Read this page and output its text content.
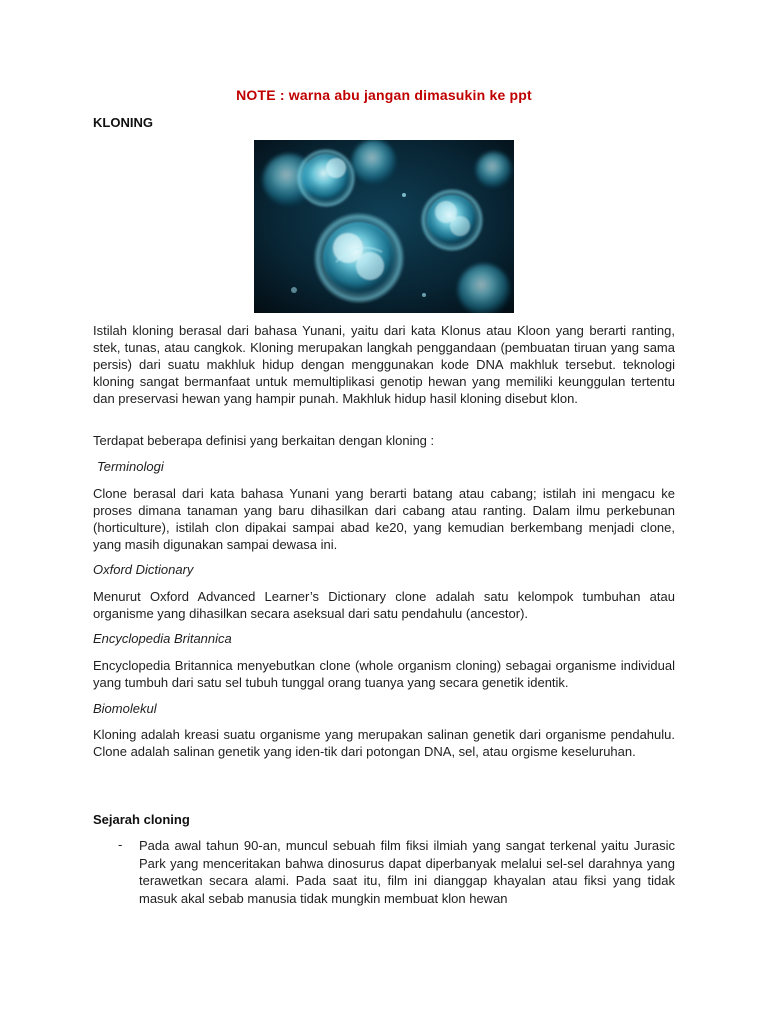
NOTE : warna abu jangan dimasukin ke ppt
KLONING
Istilah kloning berasal dari bahasa Yunani, yaitu dari kata Klonus atau Kloon yang berarti ranting, stek, tunas, atau cangkok. Kloning merupakan langkah penggandaan (pembuatan tiruan yang sama persis) dari suatu makhluk hidup dengan menggunakan kode DNA makhluk tersebut. teknologi kloning sangat bermanfaat untuk memultiplikasi genotip hewan yang memiliki keunggulan tertentu dan preservasi hewan yang hampir punah. Makhluk hidup hasil kloning disebut klon.
Terdapat beberapa definisi yang berkaitan dengan kloning :
Terminologi
Clone berasal dari kata bahasa Yunani yang berarti batang atau cabang; istilah ini mengacu ke proses dimana tanaman yang baru dihasilkan dari cabang atau ranting. Dalam ilmu perkebunan (horticulture), istilah clon dipakai sampai abad ke20, yang kemudian berkembang menjadi clone, yang masih digunakan sampai dewasa ini.
Oxford Dictionary
Menurut Oxford Advanced Learner’s Dictionary clone adalah satu kelompok tumbuhan atau organisme yang dihasilkan secara aseksual dari satu pendahulu (ancestor).
Encyclopedia Britannica
Encyclopedia Britannica menyebutkan clone (whole organism cloning) sebagai organisme individual yang tumbuh dari satu sel tubuh tunggal orang tuanya yang secara genetik identik.
Biomolekul
Kloning adalah kreasi suatu organisme yang merupakan salinan genetik dari organisme pendahulu. Clone adalah salinan genetik yang iden-tik dari potongan DNA, sel, atau orgisme keseluruhan.
Sejarah cloning
- Pada awal tahun 90-an, muncul sebuah film fiksi ilmiah yang sangat terkenal yaitu Jurasic Park yang menceritakan bahwa dinosurus dapat diperbanyak melalui sel-sel darahnya yang terawetkan secara alami. Pada saat itu, film ini dianggap khayalan atau fiksi yang tidak masuk akal sebab manusia tidak mungkin membuat klon hewan
